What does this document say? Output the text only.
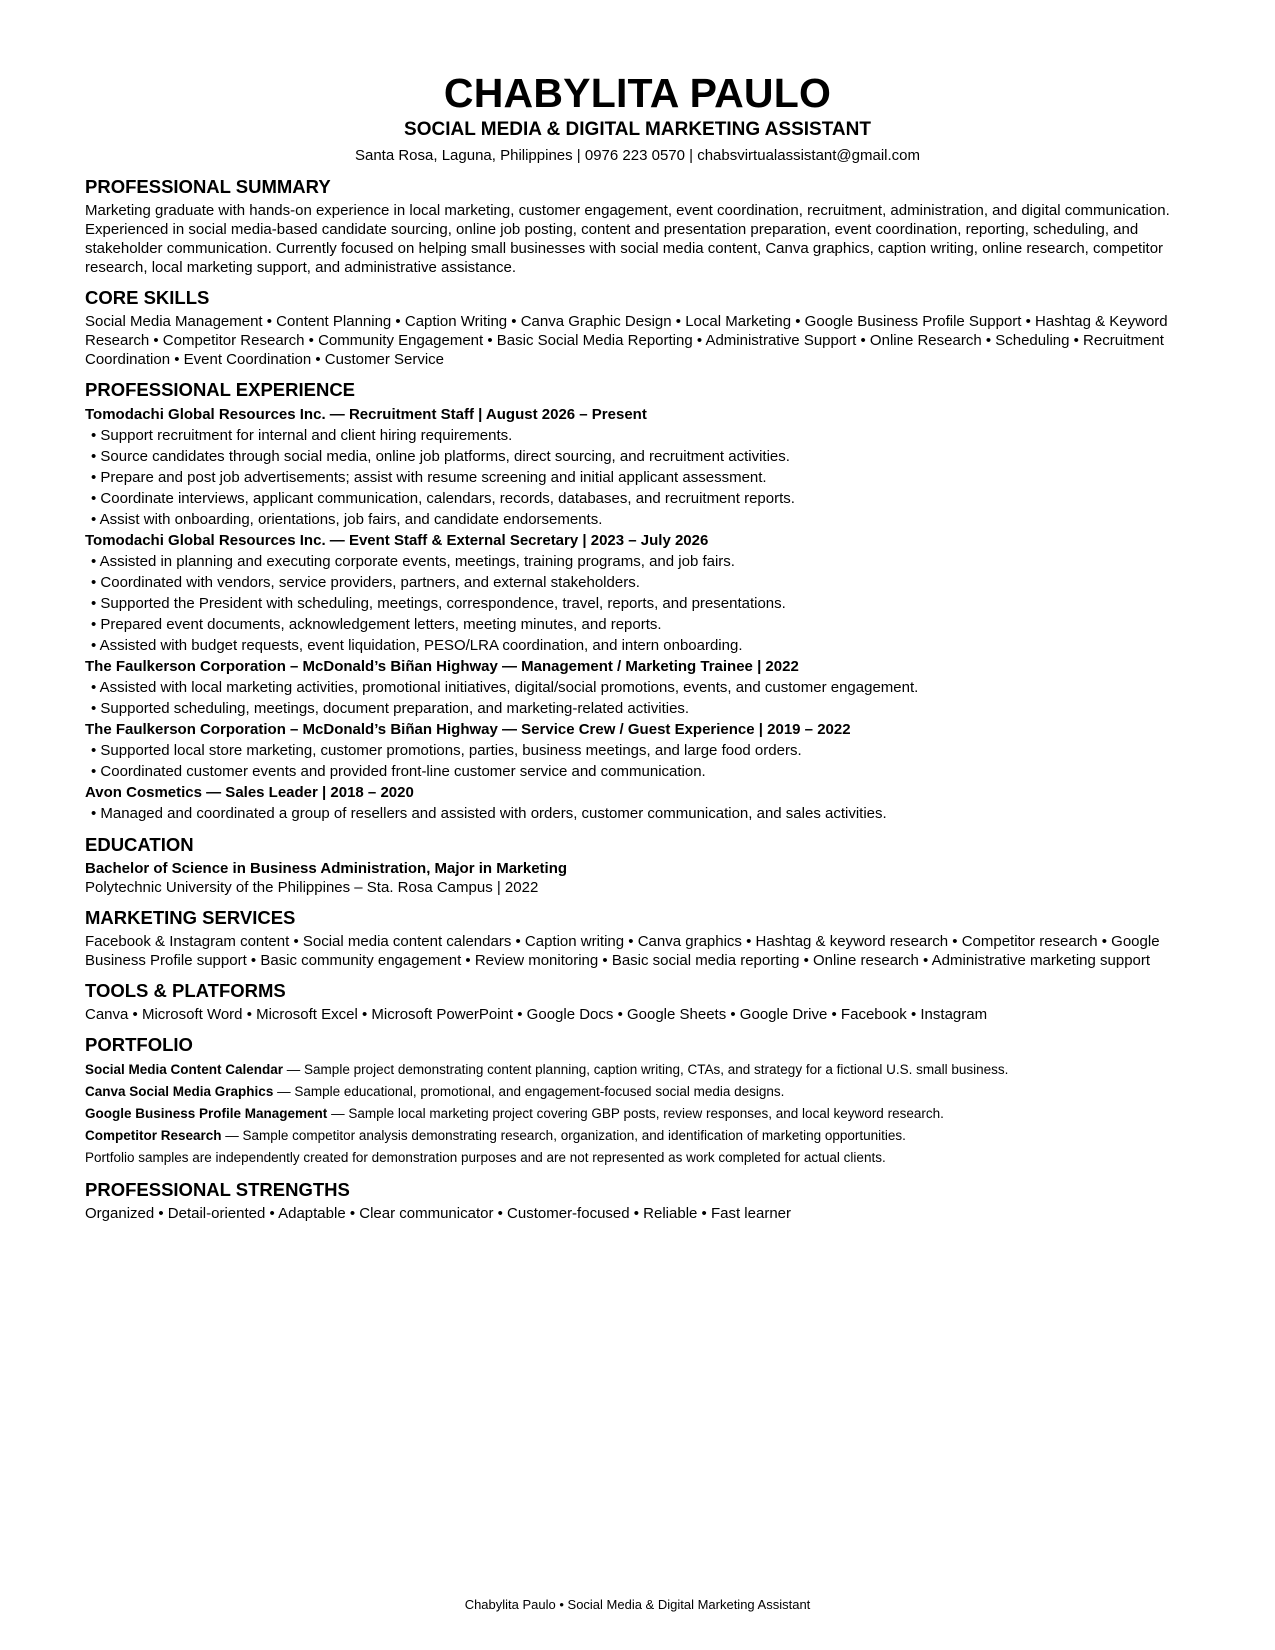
CHABYLITA PAULO
SOCIAL MEDIA & DIGITAL MARKETING ASSISTANT
Santa Rosa, Laguna, Philippines | 0976 223 0570 | chabsvirtualassistant@gmail.com
PROFESSIONAL SUMMARY
Marketing graduate with hands-on experience in local marketing, customer engagement, event coordination, recruitment, administration, and digital communication. Experienced in social media-based candidate sourcing, online job posting, content and presentation preparation, event coordination, reporting, scheduling, and stakeholder communication. Currently focused on helping small businesses with social media content, Canva graphics, caption writing, online research, competitor research, local marketing support, and administrative assistance.
CORE SKILLS
Social Media Management • Content Planning • Caption Writing • Canva Graphic Design • Local Marketing • Google Business Profile Support • Hashtag & Keyword Research • Competitor Research • Community Engagement • Basic Social Media Reporting • Administrative Support • Online Research • Scheduling • Recruitment Coordination • Event Coordination • Customer Service
PROFESSIONAL EXPERIENCE
Tomodachi Global Resources Inc. — Recruitment Staff | August 2026 – Present
• Support recruitment for internal and client hiring requirements.
• Source candidates through social media, online job platforms, direct sourcing, and recruitment activities.
• Prepare and post job advertisements; assist with resume screening and initial applicant assessment.
• Coordinate interviews, applicant communication, calendars, records, databases, and recruitment reports.
• Assist with onboarding, orientations, job fairs, and candidate endorsements.
Tomodachi Global Resources Inc. — Event Staff & External Secretary | 2023 – July 2026
• Assisted in planning and executing corporate events, meetings, training programs, and job fairs.
• Coordinated with vendors, service providers, partners, and external stakeholders.
• Supported the President with scheduling, meetings, correspondence, travel, reports, and presentations.
• Prepared event documents, acknowledgement letters, meeting minutes, and reports.
• Assisted with budget requests, event liquidation, PESO/LRA coordination, and intern onboarding.
The Faulkerson Corporation – McDonald’s Biñan Highway — Management / Marketing Trainee | 2022
• Assisted with local marketing activities, promotional initiatives, digital/social promotions, events, and customer engagement.
• Supported scheduling, meetings, document preparation, and marketing-related activities.
The Faulkerson Corporation – McDonald’s Biñan Highway — Service Crew / Guest Experience | 2019 – 2022
• Supported local store marketing, customer promotions, parties, business meetings, and large food orders.
• Coordinated customer events and provided front-line customer service and communication.
Avon Cosmetics — Sales Leader | 2018 – 2020
• Managed and coordinated a group of resellers and assisted with orders, customer communication, and sales activities.
EDUCATION
Bachelor of Science in Business Administration, Major in Marketing
Polytechnic University of the Philippines – Sta. Rosa Campus | 2022
MARKETING SERVICES
Facebook & Instagram content • Social media content calendars • Caption writing • Canva graphics • Hashtag & keyword research • Competitor research • Google Business Profile support • Basic community engagement • Review monitoring • Basic social media reporting • Online research • Administrative marketing support
TOOLS & PLATFORMS
Canva • Microsoft Word • Microsoft Excel • Microsoft PowerPoint • Google Docs • Google Sheets • Google Drive • Facebook • Instagram
PORTFOLIO
Social Media Content Calendar — Sample project demonstrating content planning, caption writing, CTAs, and strategy for a fictional U.S. small business.
Canva Social Media Graphics — Sample educational, promotional, and engagement-focused social media designs.
Google Business Profile Management — Sample local marketing project covering GBP posts, review responses, and local keyword research.
Competitor Research — Sample competitor analysis demonstrating research, organization, and identification of marketing opportunities.
Portfolio samples are independently created for demonstration purposes and are not represented as work completed for actual clients.
PROFESSIONAL STRENGTHS
Organized • Detail-oriented • Adaptable • Clear communicator • Customer-focused • Reliable • Fast learner
Chabylita Paulo • Social Media & Digital Marketing Assistant
